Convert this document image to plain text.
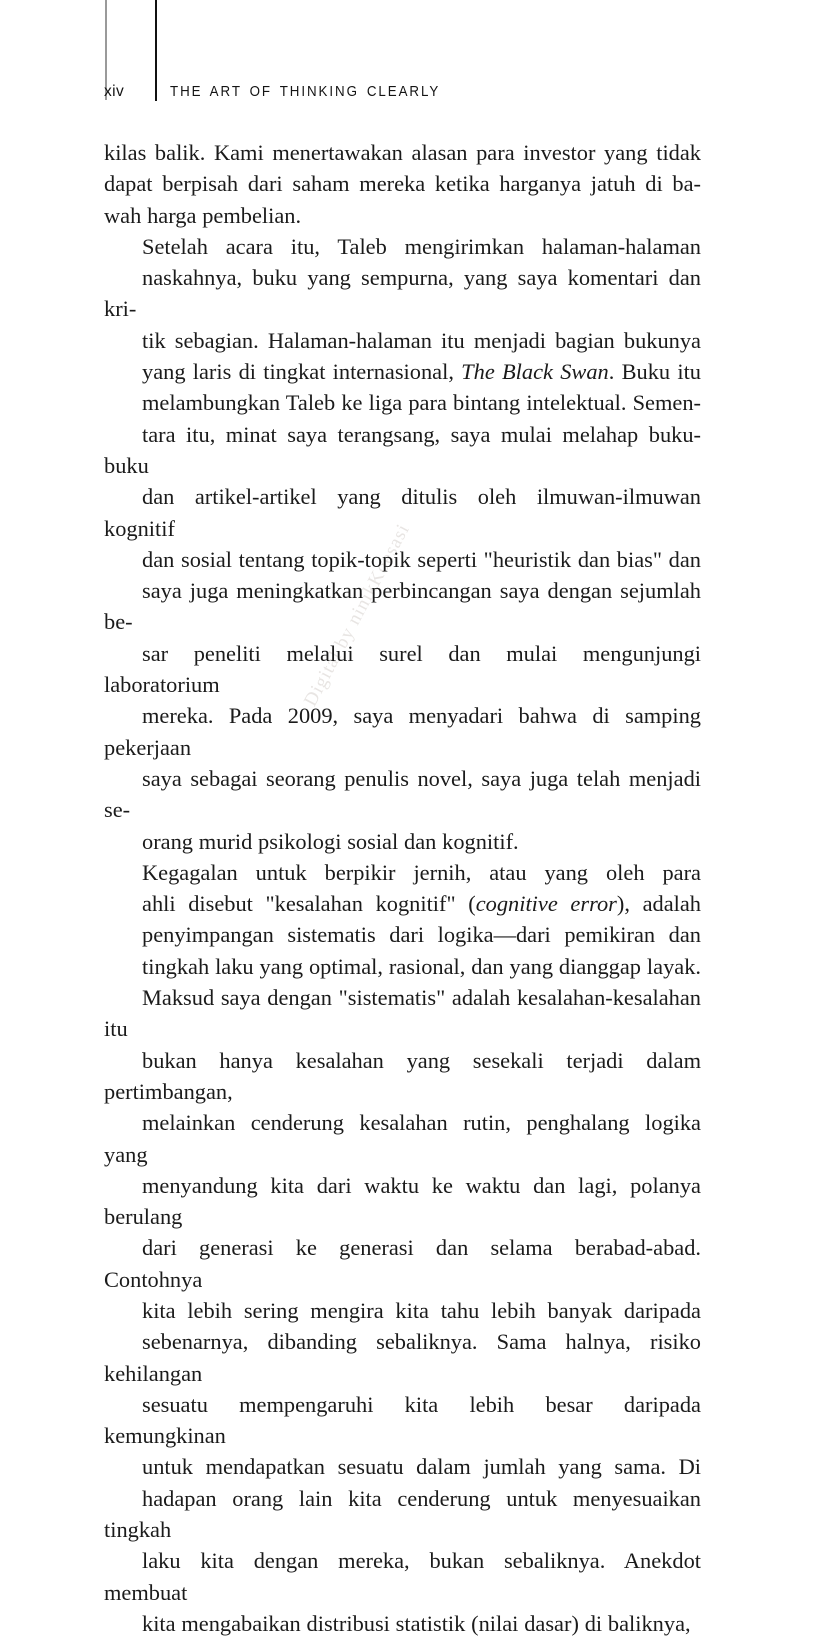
xiv	THE ART OF THINKING CLEARLY
Digital by ninikKoesasi

kilas balik. Kami menertawakan alasan para investor yang tidak
dapat berpisah dari saham mereka ketika harganya jatuh di ba-
wah harga pembelian.

Setelah acara itu, Taleb mengirimkan halaman-halaman
naskahnya, buku yang sempurna, yang saya komentari dan kri-
tik sebagian. Halaman-halaman itu menjadi bagian bukunya
yang laris di tingkat internasional, The Black Swan. Buku itu
melambungkan Taleb ke liga para bintang intelektual. Semen-
tara itu, minat saya terangsang, saya mulai melahap buku-buku
dan artikel-artikel yang ditulis oleh ilmuwan-ilmuwan kognitif
dan sosial tentang topik-topik seperti "heuristik dan bias" dan
saya juga meningkatkan perbincangan saya dengan sejumlah be-
sar peneliti melalui surel dan mulai mengunjungi laboratorium
mereka. Pada 2009, saya menyadari bahwa di samping pekerjaan
saya sebagai seorang penulis novel, saya juga telah menjadi se-
orang murid psikologi sosial dan kognitif.

Kegagalan untuk berpikir jernih, atau yang oleh para
ahli disebut "kesalahan kognitif" (cognitive error), adalah
penyimpangan sistematis dari logika—dari pemikiran dan
tingkah laku yang optimal, rasional, dan yang dianggap layak.
Maksud saya dengan "sistematis" adalah kesalahan-kesalahan itu
bukan hanya kesalahan yang sesekali terjadi dalam pertimbangan,
melainkan cenderung kesalahan rutin, penghalang logika yang
menyandung kita dari waktu ke waktu dan lagi, polanya berulang
dari generasi ke generasi dan selama berabad-abad. Contohnya
kita lebih sering mengira kita tahu lebih banyak daripada
sebenarnya, dibanding sebaliknya. Sama halnya, risiko kehilangan
sesuatu mempengaruhi kita lebih besar daripada kemungkinan
untuk mendapatkan sesuatu dalam jumlah yang sama. Di
hadapan orang lain kita cenderung untuk menyesuaikan tingkah
laku kita dengan mereka, bukan sebaliknya. Anekdot membuat
kita mengabaikan distribusi statistik (nilai dasar) di baliknya,
